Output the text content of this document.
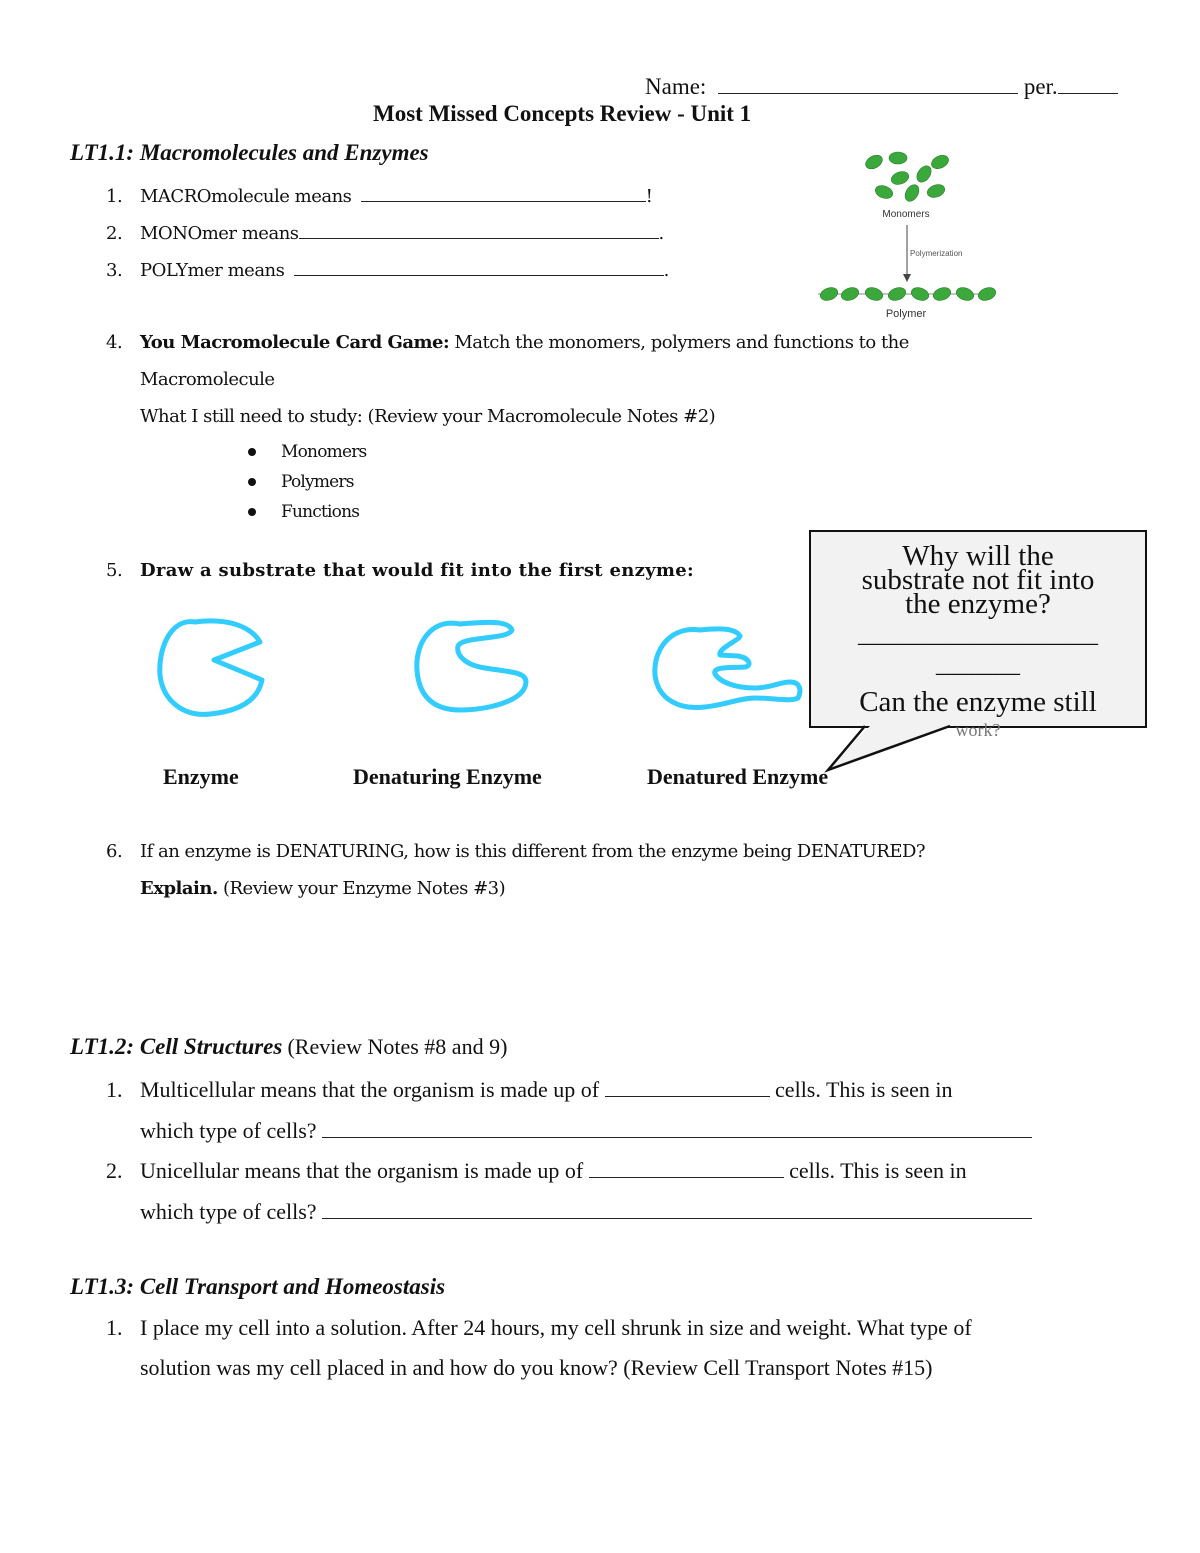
Name:	per.
Most Missed Concepts Review - Unit 1
LT1.1: Macromolecules and Enzymes
1. MACROmolecule means	!
2. MONOmer means	.
3. POLYmer means	.
Monomers
Polymerization
Polymer
4. You Macromolecule Card Game: Match the monomers, polymers and functions to the
Macromolecule
What I still need to study: (Review your Macromolecule Notes #2)
Monomers
Polymers
Functions
5. Draw a substrate that would fit into the first enzyme:
Enzyme	Denaturing Enzyme	Denatured Enzyme
Why will the
substrate not fit into
the enzyme?
____________________
_______
Can the enzyme still
work?
6. If an enzyme is DENATURING, how is this different from the enzyme being DENATURED?
Explain. (Review your Enzyme Notes #3)
LT1.2: Cell Structures (Review Notes #8 and 9)
1. Multicellular means that the organism is made up of	cells. This is seen in
which type of cells?
2. Unicellular means that the organism is made up of	cells. This is seen in
which type of cells?
LT1.3: Cell Transport and Homeostasis
1. I place my cell into a solution. After 24 hours, my cell shrunk in size and weight. What type of
solution was my cell placed in and how do you know? (Review Cell Transport Notes #15)
